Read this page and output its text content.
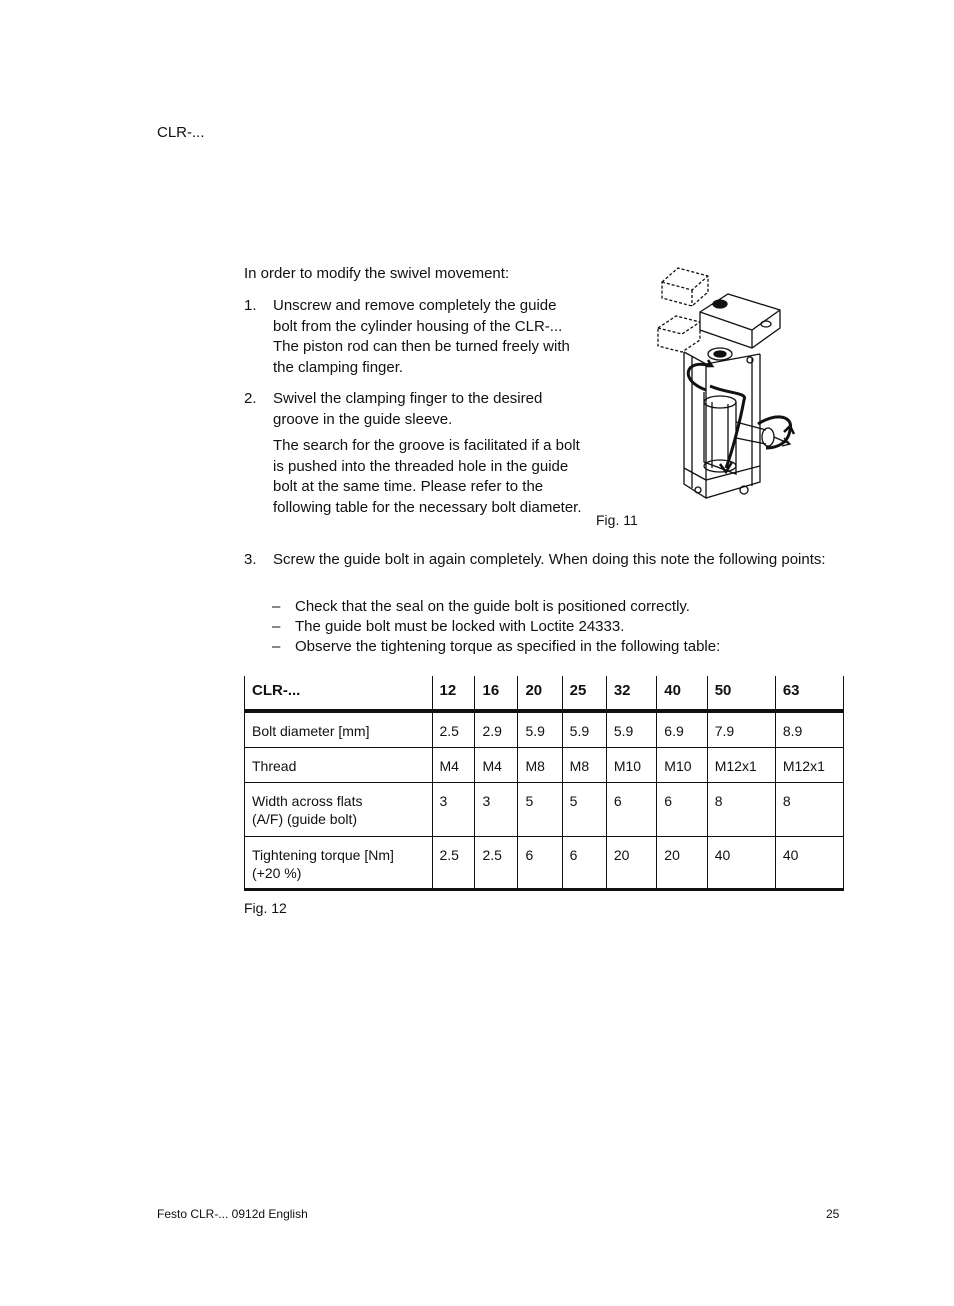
CLR-...
In order to modify the swivel movement:
1. Unscrew and remove completely the guide bolt from the cylinder housing of the CLR-... The piston rod can then be turned freely with the clamping finger.
2. Swivel the clamping finger to the desired groove in the guide sleeve.
The search for the groove is facilitated if a bolt is pushed into the threaded hole in the guide bolt at the same time. Please refer to the following table for the necessary bolt diameter.
3. Screw the guide bolt in again completely. When doing this note the following points:
– Check that the seal on the guide bolt is positioned correctly.
– The guide bolt must be locked with Loctite 24333.
– Observe the tightening torque as specified in the following table:
Fig. 11
CLR-...	12	16	20	25	32	40	50	63
Bolt diameter [mm]	2.5	2.9	5.9	5.9	5.9	6.9	7.9	8.9
Thread	M4	M4	M8	M8	M10	M10	M12x1	M12x1
Width across flats
(A/F) (guide bolt)	3	3	5	5	6	6	8	8
Tightening torque [Nm]
(+20 %)	2.5	2.5	6	6	20	20	40	40
Fig. 12
Festo CLR-... 0912d English	25
